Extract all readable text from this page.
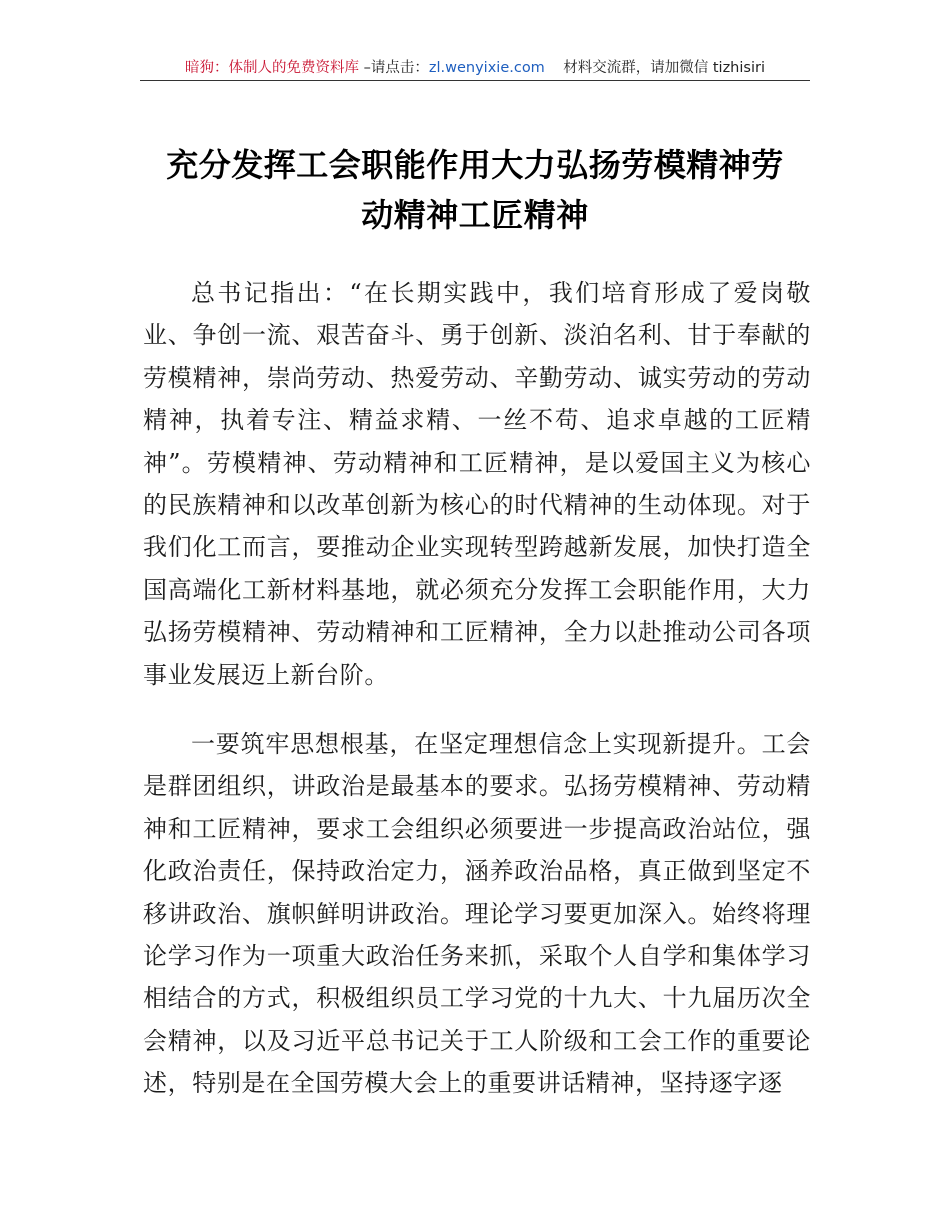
暗狗：体制人的免费资料库 –请点击：zl.wenyixie.com    材料交流群，请加微信 tizhisiri
充分发挥工会职能作用大力弘扬劳模精神劳
动精神工匠精神

总书记指出：“在长期实践中，我们培育形成了爱岗敬业、争创一流、艰苦奋斗、勇于创新、淡泊名利、甘于奉献的劳模精神，崇尚劳动、热爱劳动、辛勤劳动、诚实劳动的劳动精神，执着专注、精益求精、一丝不苟、追求卓越的工匠精神”。劳模精神、劳动精神和工匠精神，是以爱国主义为核心的民族精神和以改革创新为核心的时代精神的生动体现。对于我们化工而言，要推动企业实现转型跨越新发展，加快打造全国高端化工新材料基地，就必须充分发挥工会职能作用，大力弘扬劳模精神、劳动精神和工匠精神，全力以赴推动公司各项事业发展迈上新台阶。

一要筑牢思想根基，在坚定理想信念上实现新提升。工会是群团组织，讲政治是最基本的要求。弘扬劳模精神、劳动精神和工匠精神，要求工会组织必须要进一步提高政治站位，强化政治责任，保持政治定力，涵养政治品格，真正做到坚定不移讲政治、旗帜鲜明讲政治。理论学习要更加深入。始终将理论学习作为一项重大政治任务来抓，采取个人自学和集体学习相结合的方式，积极组织员工学习党的十九大、十九届历次全会精神，以及习近平总书记关于工人阶级和工会工作的重要论述，特别是在全国劳模大会上的重要讲话精神，坚持逐字逐
